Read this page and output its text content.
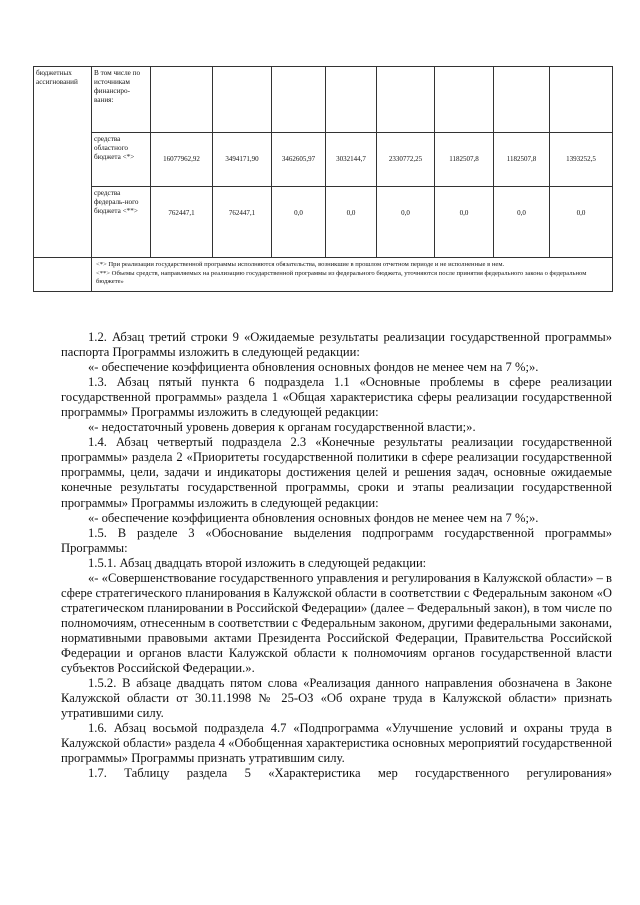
бюджетных ассигнований	В том числе по источникам финансиро-вания:								
	средства областного бюджета <*>	16077962,92	3494171,90	3462605,97	3032144,7	2330772,25	1182507,8	1182507,8	1393252,5
	средства федераль-ного бюджета <**>	762447,1	762447,1	0,0	0,0	0,0	0,0	0,0	0,0

	<*> При реализации государственной программы исполняются обязательства, возникшие в прошлом отчетном периоде и не исполненные в нем.
<**> Объемы средств, направляемых на реализацию государственной программы из федерального бюджета, уточняются после принятия федерального закона о федеральном бюджете»								

1.2. Абзац третий строки 9 «Ожидаемые результаты реализации государственной программы» паспорта Программы изложить в следующей редакции:

«- обеспечение коэффициента обновления основных фондов не менее чем на 7 %;».

1.3. Абзац пятый пункта 6 подраздела 1.1 «Основные проблемы в сфере реализации государственной программы» раздела 1 «Общая характеристика сферы реализации государственной программы» Программы изложить в следующей редакции:

«- недостаточный уровень доверия к органам государственной власти;».

1.4. Абзац четвертый подраздела 2.3 «Конечные результаты реализации государственной программы» раздела 2 «Приоритеты государственной политики в сфере реализации государственной программы, цели, задачи и индикаторы достижения целей и решения задач, основные ожидаемые конечные результаты государственной программы, сроки и этапы реализации государственной программы» Программы изложить в следующей редакции:

«- обеспечение коэффициента обновления основных фондов не менее чем на 7 %;».

1.5. В разделе 3 «Обоснование выделения подпрограмм государственной программы» Программы:

1.5.1. Абзац двадцать второй изложить в следующей редакции:

«- «Совершенствование государственного управления и регулирования в Калужской области» – в сфере стратегического планирования в Калужской области в соответствии с Федеральным законом «О стратегическом планировании в Российской Федерации» (далее – Федеральный закон), в том числе по полномочиям, отнесенным в соответствии с Федеральным законом, другими федеральными законами, нормативными правовыми актами Президента Российской Федерации, Правительства Российской Федерации и органов власти Калужской области к полномочиям органов государственной власти субъектов Российской Федерации.».

1.5.2. В абзаце двадцать пятом слова «Реализация данного направления обозначена в Законе Калужской области от 30.11.1998 № 25-ОЗ «Об охране труда в Калужской области» признать утратившими силу.

1.6. Абзац восьмой подраздела 4.7 «Подпрограмма «Улучшение условий и охраны труда в Калужской области» раздела 4 «Обобщенная характеристика основных мероприятий государственной программы» Программы признать утратившим силу.

1.7. Таблицу раздела 5 «Характеристика мер государственного регулирования»
